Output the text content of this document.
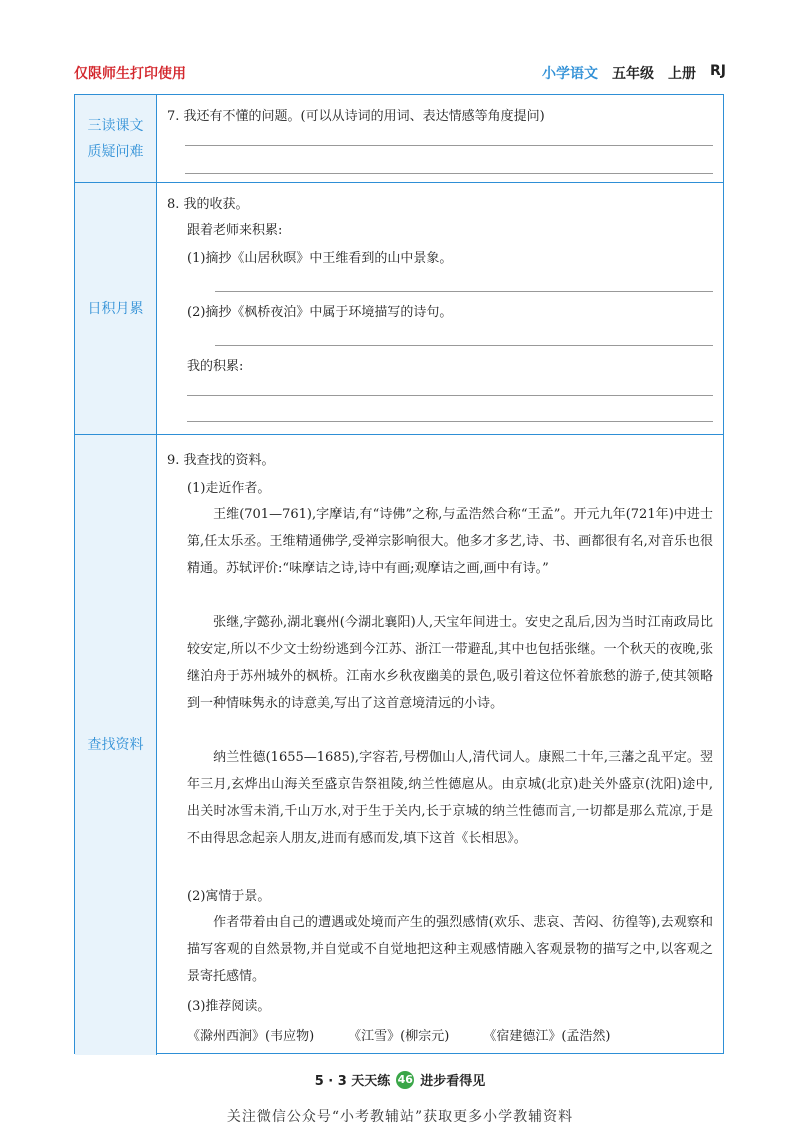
仅限师生打印使用	小学语文 五年级 上册 RJ
三读课文
质疑问难
7. 我还有不懂的问题。(可以从诗词的用词、表达情感等角度提问)
日积月累
8. 我的收获。
跟着老师来积累:
(1)摘抄《山居秋暝》中王维看到的山中景象。
(2)摘抄《枫桥夜泊》中属于环境描写的诗句。
我的积累:
查找资料
9. 我查找的资料。
(1)走近作者。
王维(701—761),字摩诘,有“诗佛”之称,与孟浩然合称“王孟”。开元九年(721年)中进士第,任太乐丞。王维精通佛学,受禅宗影响很大。他多才多艺,诗、书、画都很有名,对音乐也很精通。苏轼评价:“味摩诘之诗,诗中有画;观摩诘之画,画中有诗。”
张继,字懿孙,湖北襄州(今湖北襄阳)人,天宝年间进士。安史之乱后,因为当时江南政局比较安定,所以不少文士纷纷逃到今江苏、浙江一带避乱,其中也包括张继。一个秋天的夜晚,张继泊舟于苏州城外的枫桥。江南水乡秋夜幽美的景色,吸引着这位怀着旅愁的游子,使其领略到一种情味隽永的诗意美,写出了这首意境清远的小诗。
纳兰性德(1655—1685),字容若,号楞伽山人,清代词人。康熙二十年,三藩之乱平定。翌年三月,玄烨出山海关至盛京告祭祖陵,纳兰性德扈从。由京城(北京)赴关外盛京(沈阳)途中,出关时冰雪未消,千山万水,对于生于关内,长于京城的纳兰性德而言,一切都是那么荒凉,于是不由得思念起亲人朋友,进而有感而发,填下这首《长相思》。
(2)寓情于景。
作者带着由自己的遭遇或处境而产生的强烈感情(欢乐、悲哀、苦闷、彷徨等),去观察和描写客观的自然景物,并自觉或不自觉地把这种主观感情融入客观景物的描写之中,以客观之景寄托感情。
(3)推荐阅读。
《滁州西涧》(韦应物)	《江雪》(柳宗元)	《宿建德江》(孟浩然)
5 · 3 天天练 46 进步看得见
关注微信公众号“小考教辅站”获取更多小学教辅资料
